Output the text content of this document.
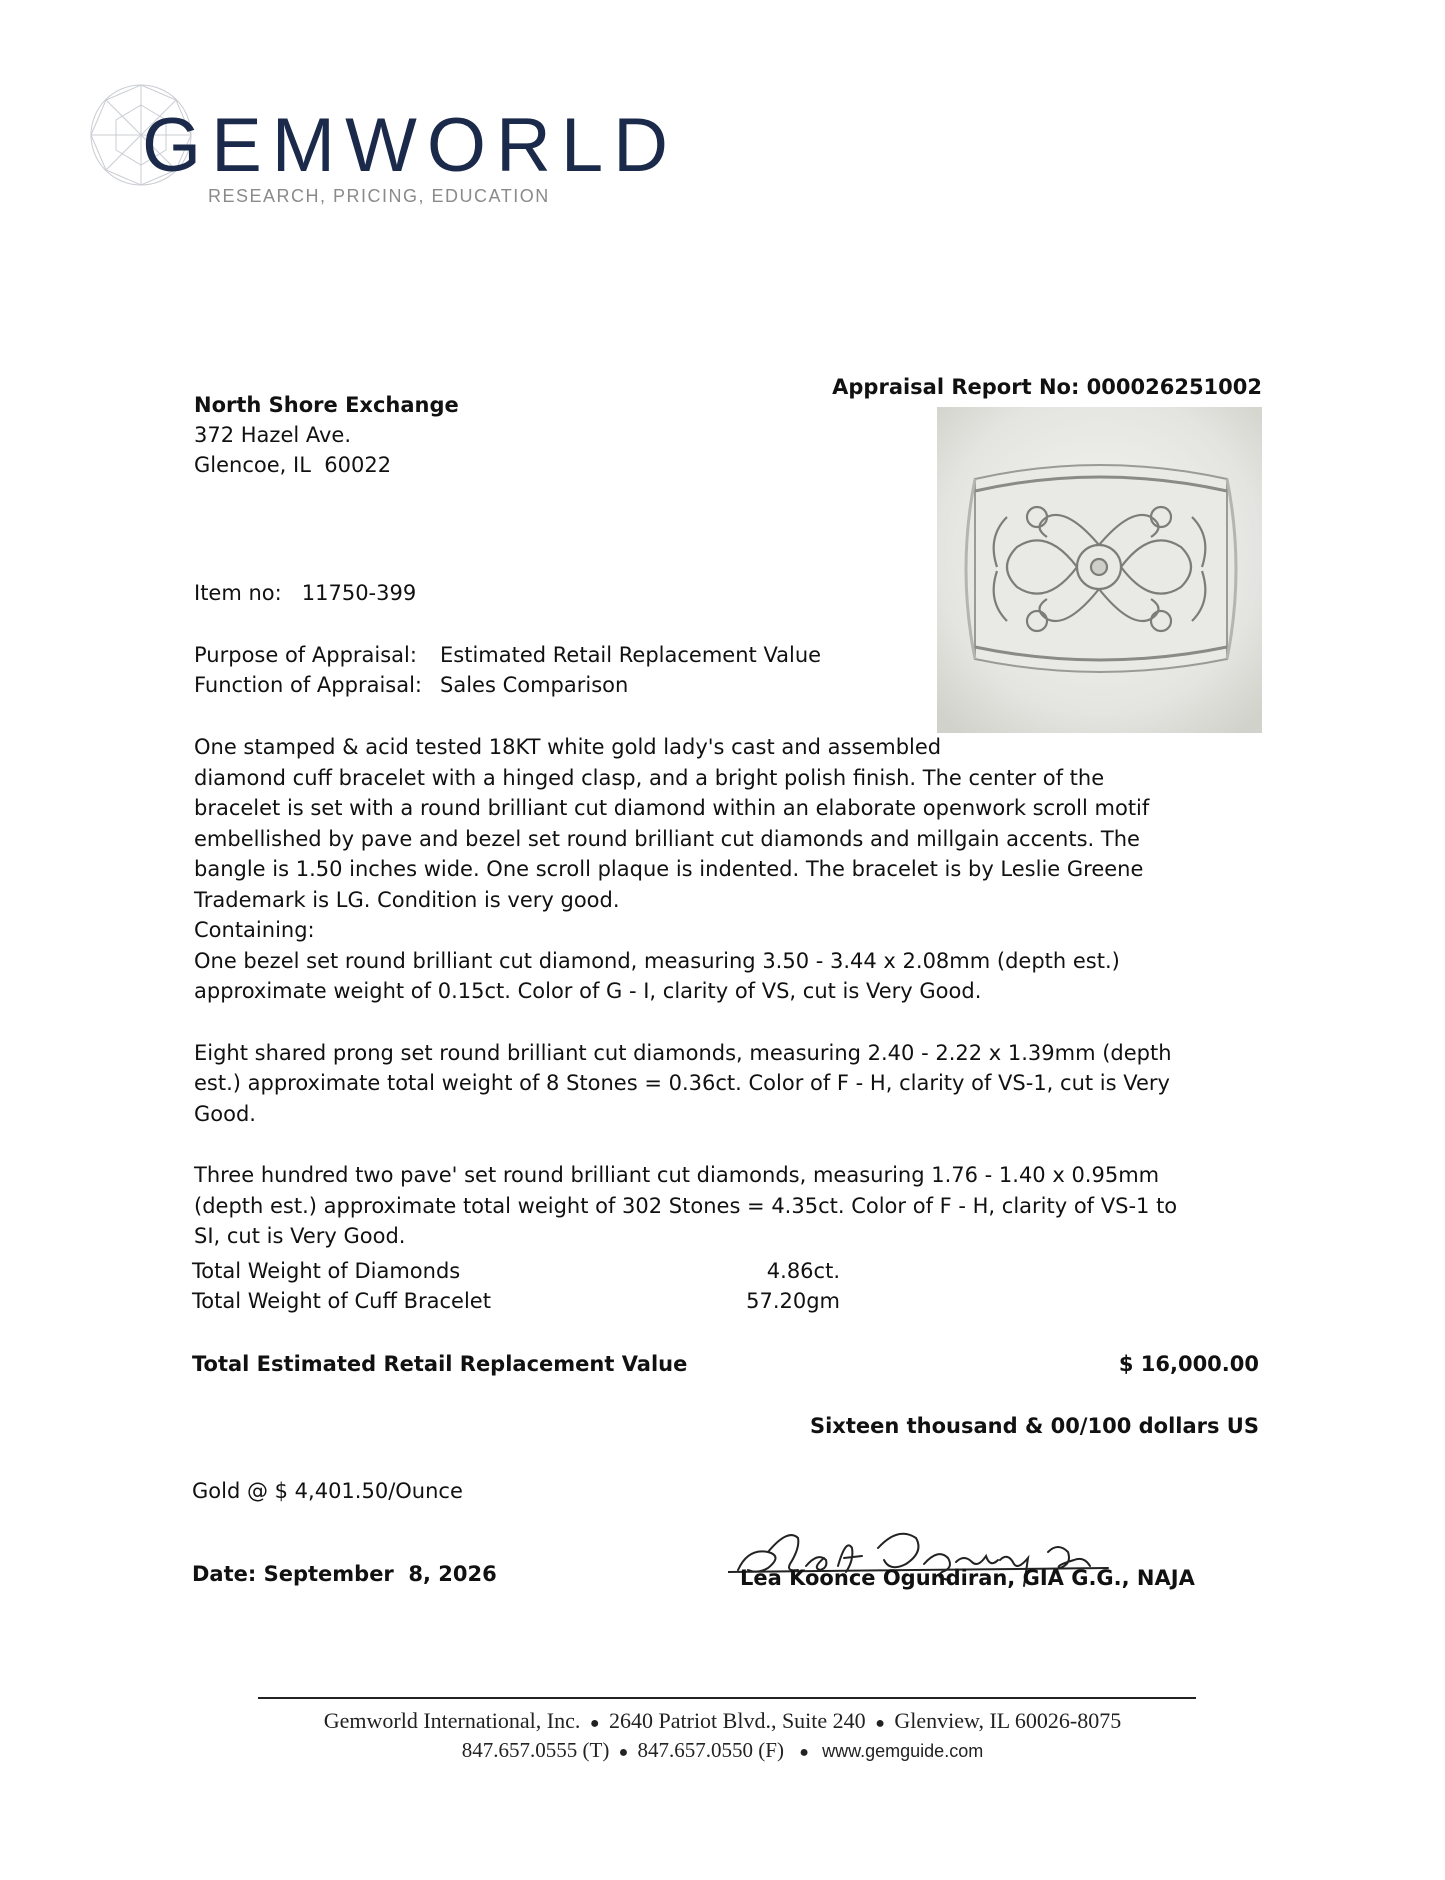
GEMWORLD
RESEARCH, PRICING, EDUCATION
North Shore Exchange
372 Hazel Ave.
Glencoe, IL  60022
Appraisal Report No: 000026251002
Item no: 11750-399
Purpose of Appraisal:	Estimated Retail Replacement Value
Function of Appraisal: Sales Comparison

One stamped & acid tested 18KT white gold lady's cast and assembled

diamond cuff bracelet with a hinged clasp, and a bright polish finish. The center of the bracelet is set with a round brilliant cut diamond within an elaborate openwork scroll motif embellished by pave and bezel set round brilliant cut diamonds and millgain accents. The bangle is 1.50 inches wide. One scroll plaque is indented. The bracelet is by Leslie Greene Trademark is LG. Condition is very good.

Containing:

One bezel set round brilliant cut diamond, measuring 3.50 - 3.44 x 2.08mm (depth est.) approximate weight of 0.15ct. Color of G - I, clarity of VS, cut is Very Good.

Eight shared prong set round brilliant cut diamonds, measuring 2.40 - 2.22 x 1.39mm (depth est.) approximate total weight of 8 Stones = 0.36ct. Color of F - H, clarity of VS-1, cut is Very Good.

Three hundred two pave' set round brilliant cut diamonds, measuring 1.76 - 1.40 x 0.95mm (depth est.) approximate total weight of 302 Stones = 4.35ct. Color of F - H, clarity of VS-1 to SI, cut is Very Good.

Total Weight of Diamonds	4.86ct.
Total Weight of Cuff Bracelet	57.20gm
Total Estimated Retail Replacement Value	$ 16,000.00
Sixteen thousand & 00/100 dollars US
Gold @ $ 4,401.50/Ounce
Date: September  8, 2026	Lea Koonce Ogundiran, GIA G.G., NAJA
Gemworld International, Inc. ● 2640 Patriot Blvd., Suite 240 ● Glenview, IL 60026-8075
847.657.0555 (T) ● 847.657.0550 (F) ● www.gemguide.com
